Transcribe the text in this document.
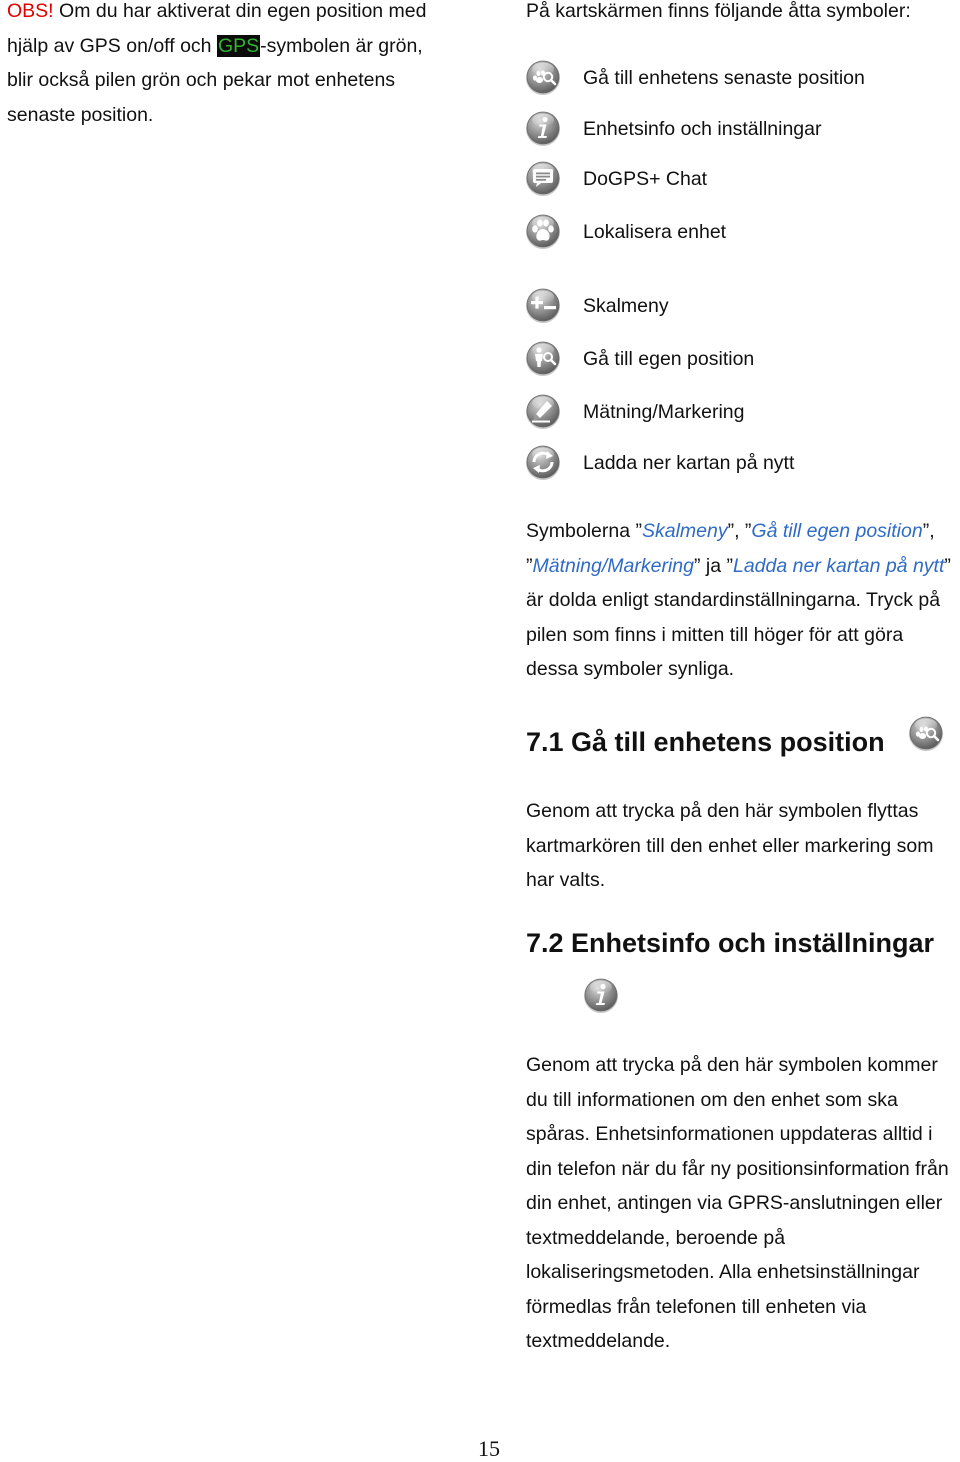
OBS! Om du har aktiverat din egen position med
hjälp av GPS on/off och GPS-symbolen är grön,
blir också pilen grön och pekar mot enhetens
senaste position.
På kartskärmen finns följande åtta symboler:
Gå till enhetens senaste position
Enhetsinfo och inställningar
DoGPS+ Chat
Lokalisera enhet
Skalmeny
Gå till egen position
Mätning/Markering
Ladda ner kartan på nytt
Symbolerna ”Skalmeny”, ”Gå till egen position”,
”Mätning/Markering” ja ”Ladda ner kartan på nytt”
är dolda enligt standardinställningarna. Tryck på
pilen som finns i mitten till höger för att göra
dessa symboler synliga.
7.1 Gå till enhetens position
Genom att trycka på den här symbolen flyttas
kartmarkören till den enhet eller markering som
har valts.
7.2 Enhetsinfo och inställningar
Genom att trycka på den här symbolen kommer
du till informationen om den enhet som ska
spåras. Enhetsinformationen uppdateras alltid i
din telefon när du får ny positionsinformation från
din enhet, antingen via GPRS-anslutningen eller
textmeddelande, beroende på
lokaliseringsmetoden. Alla enhetsinställningar
förmedlas från telefonen till enheten via
textmeddelande.
15
